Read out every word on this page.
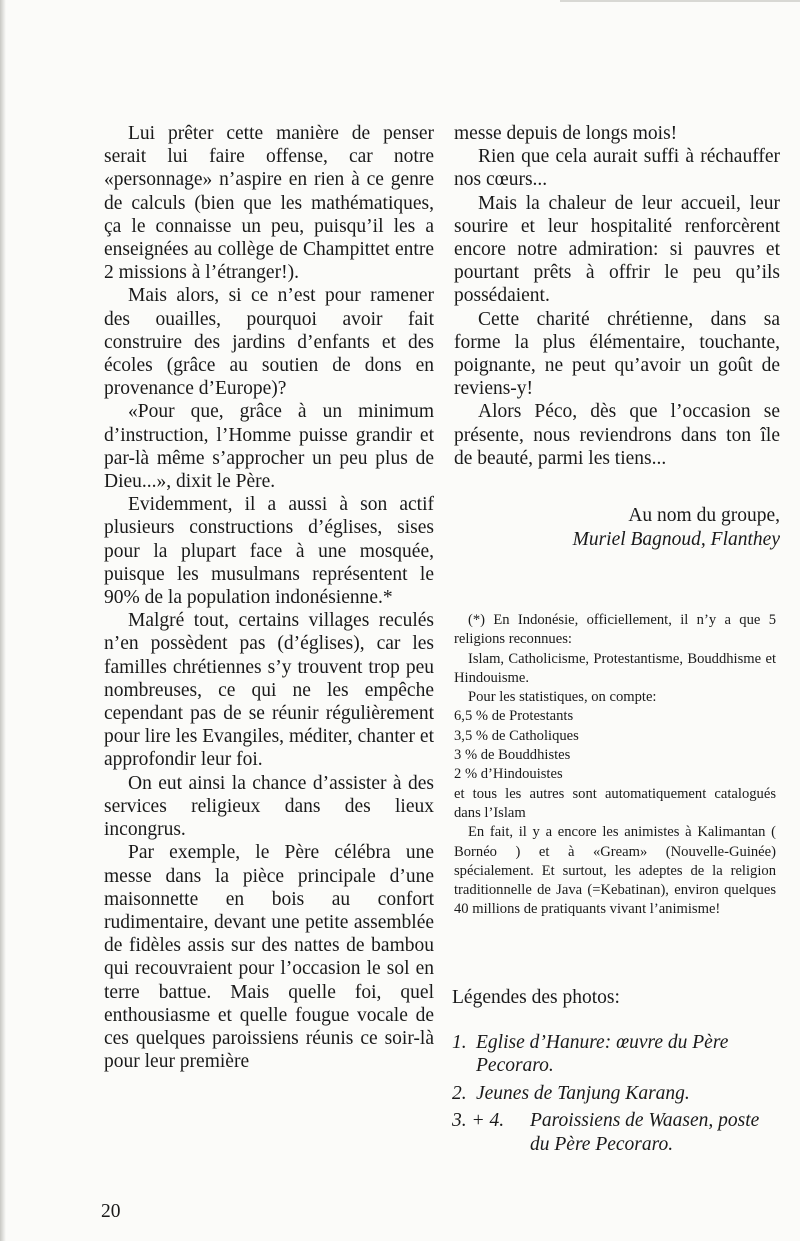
Lui prêter cette manière de penser serait lui faire offense, car notre «personnage» n’aspire en rien à ce genre de calculs (bien que les mathématiques, ça le connaisse un peu, puisqu’il les a enseignées au collège de Champittet entre 2 missions à l’étranger!).

Mais alors, si ce n’est pour ramener des ouailles, pourquoi avoir fait construire des jardins d’enfants et des écoles (grâce au soutien de dons en provenance d’Europe)?

«Pour que, grâce à un minimum d’instruction, l’Homme puisse grandir et par-là même s’approcher un peu plus de Dieu...», dixit le Père.

Evidemment, il a aussi à son actif plusieurs constructions d’églises, sises pour la plupart face à une mosquée, puisque les musulmans représentent le 90% de la population indonésienne.*

Malgré tout, certains villages reculés n’en possèdent pas (d’églises), car les familles chrétiennes s’y trouvent trop peu nombreuses, ce qui ne les empêche cependant pas de se réunir régulièrement pour lire les Evangiles, méditer, chanter et approfondir leur foi.

On eut ainsi la chance d’assister à des services religieux dans des lieux incongrus.

Par exemple, le Père célébra une messe dans la pièce principale d’une maisonnette en bois au confort rudimentaire, devant une petite assemblée de fidèles assis sur des nattes de bambou qui recouvraient pour l’occasion le sol en terre battue. Mais quelle foi, quel enthousiasme et quelle fougue vocale de ces quelques paroissiens réunis ce soir-là pour leur première

messe depuis de longs mois!

Rien que cela aurait suffi à réchauffer nos cœurs...

Mais la chaleur de leur accueil, leur sourire et leur hospitalité renforcèrent encore notre admiration: si pauvres et pourtant prêts à offrir le peu qu’ils possédaient.

Cette charité chrétienne, dans sa forme la plus élémentaire, touchante, poignante, ne peut qu’avoir un goût de reviens-y!

Alors Péco, dès que l’occasion se présente, nous reviendrons dans ton île de beauté, parmi les tiens...

Au nom du groupe,
Muriel Bagnoud, Flanthey
(*) En Indonésie, officiellement, il n’y a que 5 religions reconnues:
Islam, Catholicisme, Protestantisme, Bouddhisme et Hindouisme.
Pour les statistiques, on compte:
6,5 % de Protestants
3,5 % de Catholiques
3 % de Bouddhistes
2 % d’Hindouistes
et tous les autres sont automatiquement catalogués dans l’Islam
En fait, il y a encore les animistes à Kalimantan ( Bornéo ) et à «Gream» (Nouvelle-Guinée) spécialement. Et surtout, les adeptes de la religion traditionnelle de Java (=Kebatinan), environ quelques 40 millions de pratiquants vivant l’animisme!
Légendes des photos:
1. Eglise d’Hanure: œuvre du Père Pecoraro.
2. Jeunes de Tanjung Karang.
3. + 4.	Paroissiens de Waasen, poste du Père Pecoraro.
20
